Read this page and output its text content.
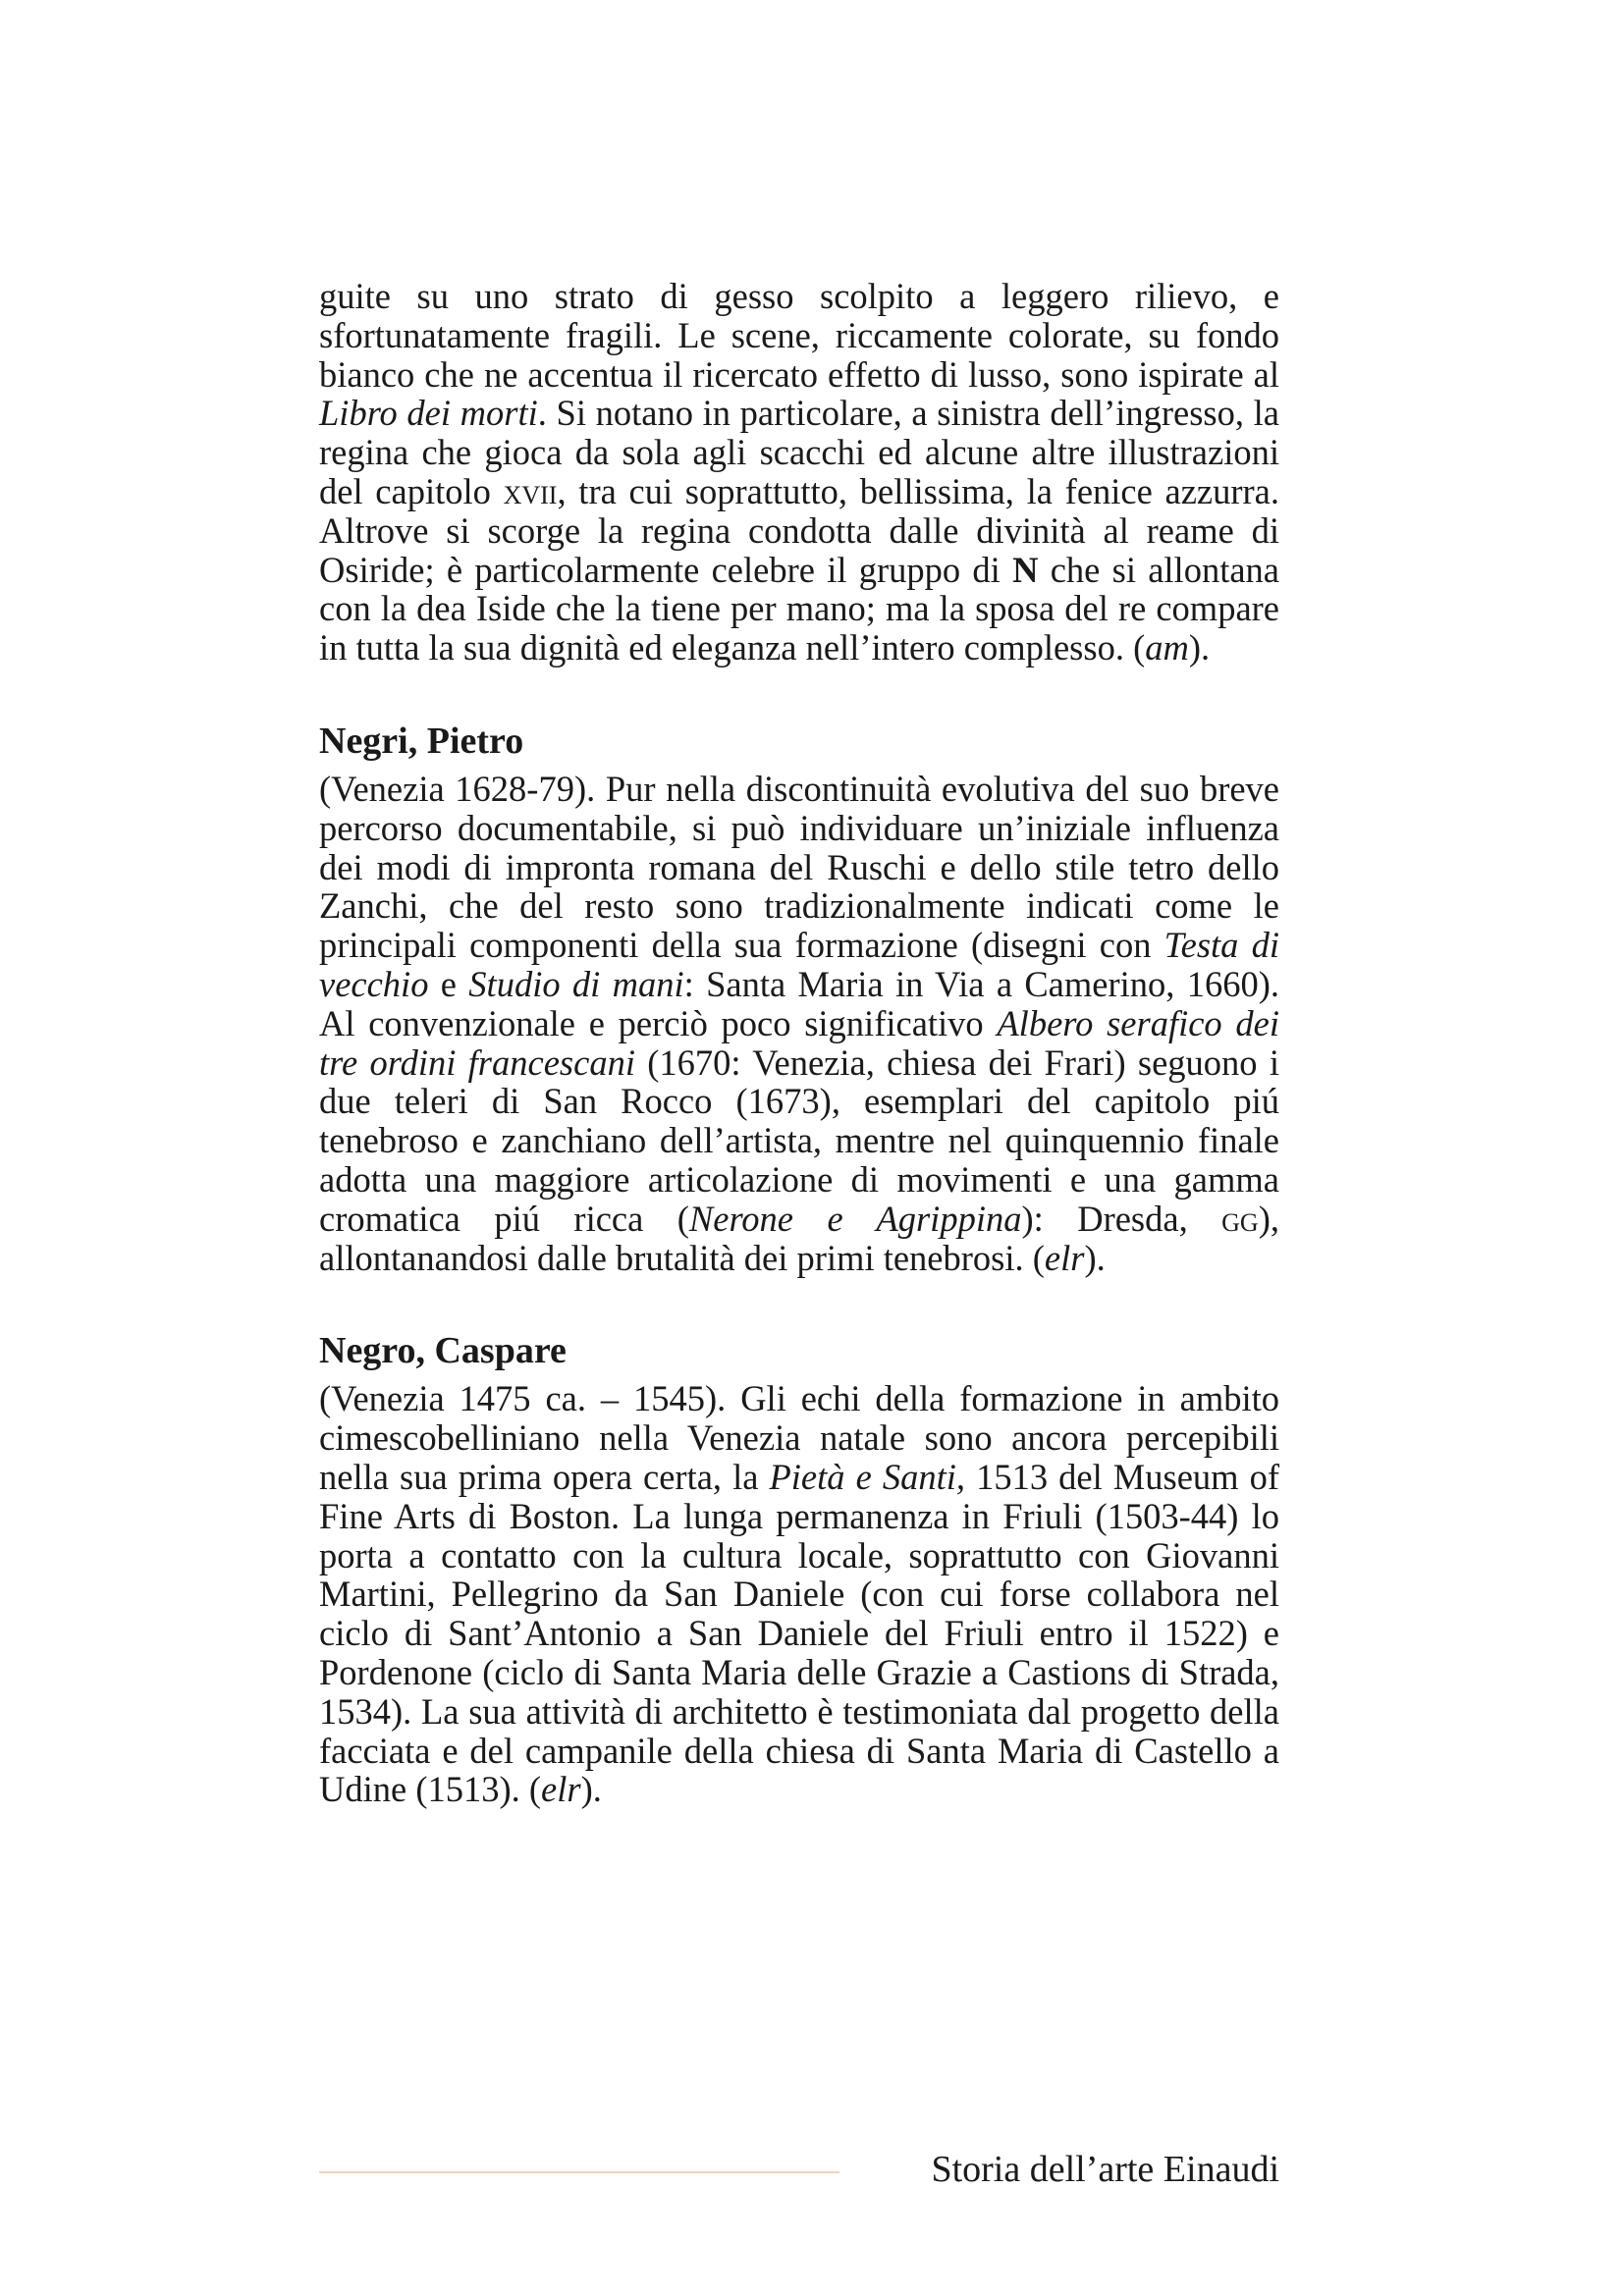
guite su uno strato di gesso scolpito a leggero rilievo, e sfortunatamente fragili. Le scene, riccamente colorate, su fondo bianco che ne accentua il ricercato effetto di lusso, sono ispirate al Libro dei morti. Si notano in particolare, a sinistra dell’ingresso, la regina che gioca da sola agli scacchi ed alcune altre illustrazioni del capitolo xvii, tra cui soprattutto, bellissima, la fenice azzurra. Altrove si scorge la regina condotta dalle divinità al reame di Osiride; è particolarmente celebre il gruppo di N che si allontana con la dea Iside che la tiene per mano; ma la sposa del re compare in tutta la sua dignità ed eleganza nell’intero complesso. (am).

Negri, Pietro

(Venezia 1628-79). Pur nella discontinuità evolutiva del suo breve percorso documentabile, si può individuare un’iniziale influenza dei modi di impronta romana del Ruschi e dello stile tetro dello Zanchi, che del resto sono tradizionalmente indicati come le principali componenti della sua formazione (disegni con Testa di vecchio e Studio di mani: Santa Maria in Via a Camerino, 1660). Al convenzionale e perciò poco significativo Albero serafico dei tre ordini francescani (1670: Venezia, chiesa dei Frari) seguono i due teleri di San Rocco (1673), esemplari del capitolo piú tenebroso e zanchiano dell’artista, mentre nel quinquennio finale adotta una maggiore articolazione di movimenti e una gamma cromatica piú ricca (Nerone e Agrippina): Dresda, gg), allontanandosi dalle brutalità dei primi tenebrosi. (elr).

Negro, Caspare

(Venezia 1475 ca. – 1545). Gli echi della formazione in ambito cimescobelliniano nella Venezia natale sono ancora percepibili nella sua prima opera certa, la Pietà e Santi, 1513 del Museum of Fine Arts di Boston. La lunga permanenza in Friuli (1503-44) lo porta a contatto con la cultura locale, soprattutto con Giovanni Martini, Pellegrino da San Daniele (con cui forse collabora nel ciclo di Sant’Antonio a San Daniele del Friuli entro il 1522) e Pordenone (ciclo di Santa Maria delle Grazie a Castions di Strada, 1534). La sua attività di architetto è testimoniata dal progetto della facciata e del campanile della chiesa di Santa Maria di Castello a Udine (1513). (elr).

Storia dell’arte Einaudi
